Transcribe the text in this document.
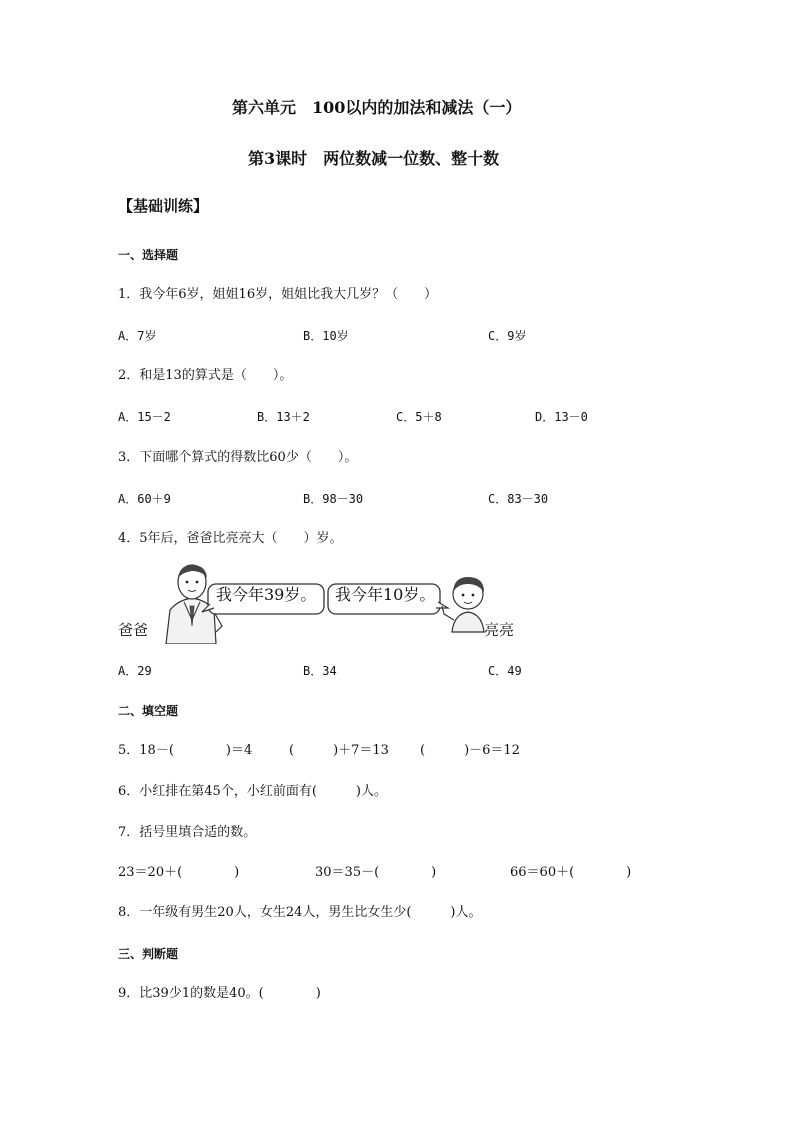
第六单元　100以内的加法和减法（一）
第3课时　两位数减一位数、整十数
【基础训练】
一、选择题
1．我今年6岁，姐姐16岁，姐姐比我大几岁？（　　）
A．7岁	B．10岁	C．9岁
2．和是13的算式是（　　）。
A．15－2	B．13＋2	C．5＋8	D．13－0
3．下面哪个算式的得数比60少（　　）。
A．60＋9	B．98－30	C．83－30
4．5年后，爸爸比亮亮大（　　）岁。
我今年39岁。 我今年10岁。
爸爸	亮亮
A．29	B．34	C．49
二、填空题
5．18－(　　　　)＝4	(　　　)＋7＝13 (　　　)－6＝12
6．小红排在第45个，小红前面有(　　　)人。
7．括号里填合适的数。
23＝20＋(　　　　)	30＝35－(　　　　)	66＝60＋(　　　　)
8．一年级有男生20人，女生24人，男生比女生少(　　　)人。
三、判断题
9．比39少1的数是40。(　　　　)
